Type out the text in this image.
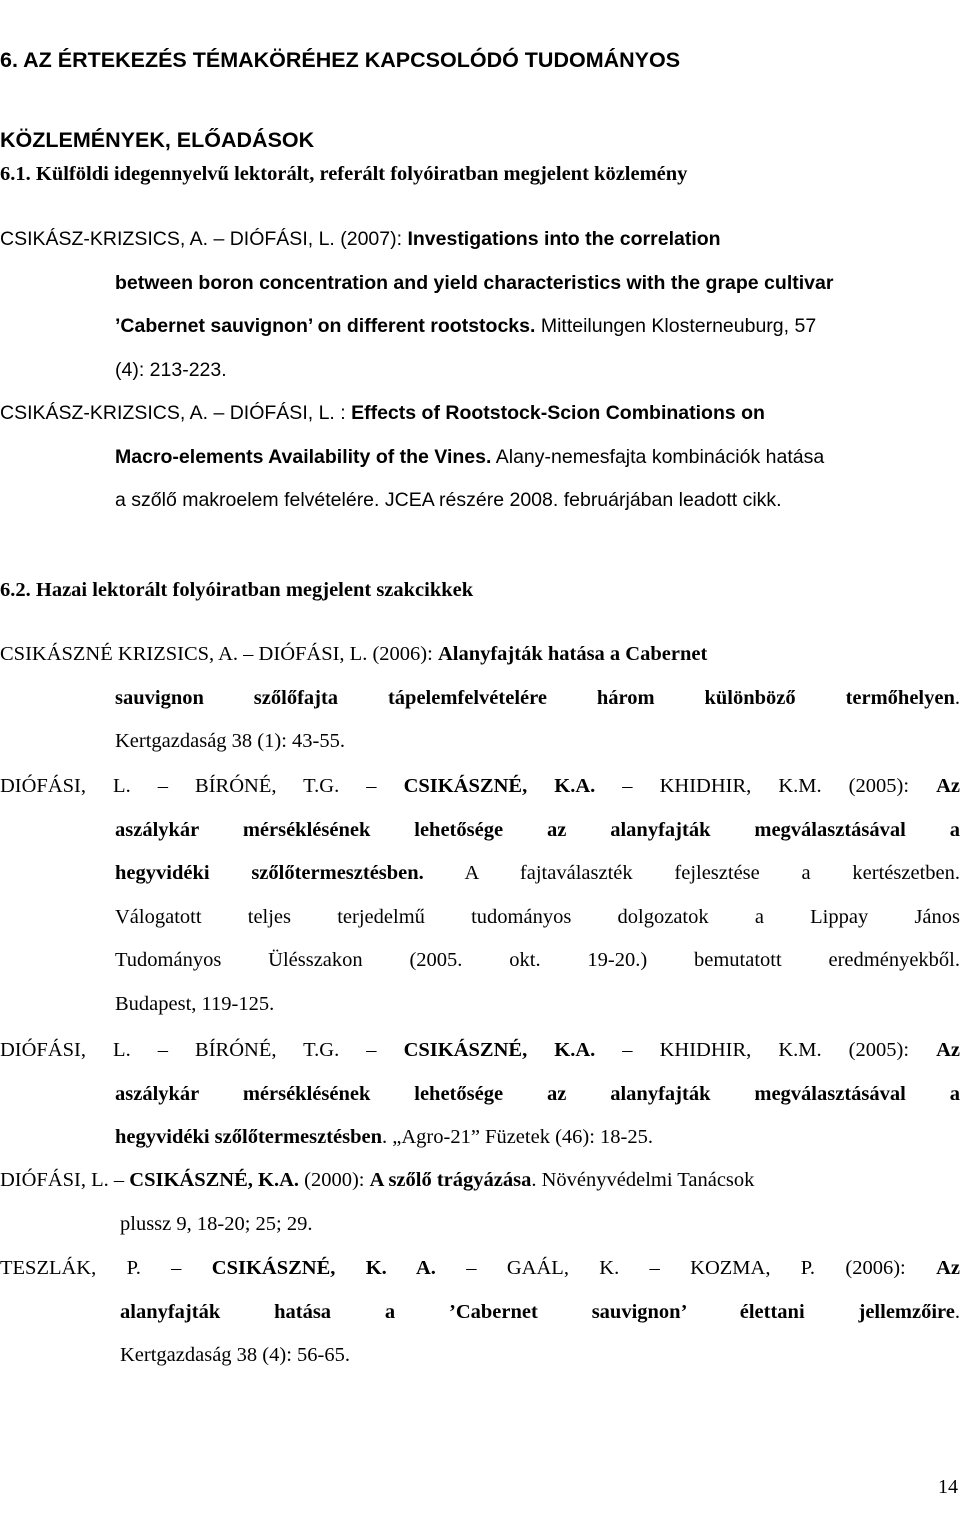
6. AZ ÉRTEKEZÉS TÉMAKÖRÉHEZ KAPCSOLÓDÓ TUDOMÁNYOS

KÖZLEMÉNYEK, ELŐADÁSOK

6.1. Külföldi idegennyelvű lektorált, referált folyóiratban megjelent közlemény
CSIKÁSZ-KRIZSICS, A. ‒ DIÓFÁSI, L. (2007): Investigations into the correlation
between boron concentration and yield characteristics with the grape cultivar
’Cabernet sauvignon’ on different rootstocks. Mitteilungen Klosterneuburg, 57
(4): 213-223.
CSIKÁSZ-KRIZSICS, A. ‒ DIÓFÁSI, L. : Effects of Rootstock-Scion Combinations on
Macro-elements Availability of the Vines. Alany-nemesfajta kombinációk hatása
a szőlő makroelem felvételére. JCEA részére 2008. februárjában leadott cikk.
6.2. Hazai lektorált folyóiratban megjelent szakcikkek
CSIKÁSZNÉ KRIZSICS, A. ‒ DIÓFÁSI, L. (2006): Alanyfajták hatása a Cabernet
sauvignon szőlőfajta tápelemfelvételére három különböző termőhelyen.
Kertgazdaság 38 (1): 43-55.
DIÓFÁSI, L. ‒ BÍRÓNÉ, T.G. ‒ CSIKÁSZNÉ, K.A. ‒ KHIDHIR, K.M. (2005): Az
aszálykár mérséklésének lehetősége az alanyfajták megválasztásával a
hegyvidéki szőlőtermesztésben. A fajtaválaszték fejlesztése a kertészetben.
Válogatott teljes terjedelmű tudományos dolgozatok a Lippay János
Tudományos Ülésszakon (2005. okt. 19-20.) bemutatott eredményekből.
Budapest, 119-125.
DIÓFÁSI, L. ‒ BÍRÓNÉ, T.G. ‒ CSIKÁSZNÉ, K.A. ‒ KHIDHIR, K.M. (2005): Az
aszálykár mérséklésének lehetősége az alanyfajták megválasztásával a
hegyvidéki szőlőtermesztésben. „Agro-21” Füzetek (46): 18-25.
DIÓFÁSI, L. ‒ CSIKÁSZNÉ, K.A. (2000): A szőlő trágyázása. Növényvédelmi Tanácsok
plussz 9, 18-20; 25; 29.
TESZLÁK, P. ‒ CSIKÁSZNÉ, K. A. ‒ GAÁL, K. ‒ KOZMA, P. (2006): Az
alanyfajták hatása a ’Cabernet sauvignon’ élettani jellemzőire.
Kertgazdaság 38 (4): 56-65.
14
